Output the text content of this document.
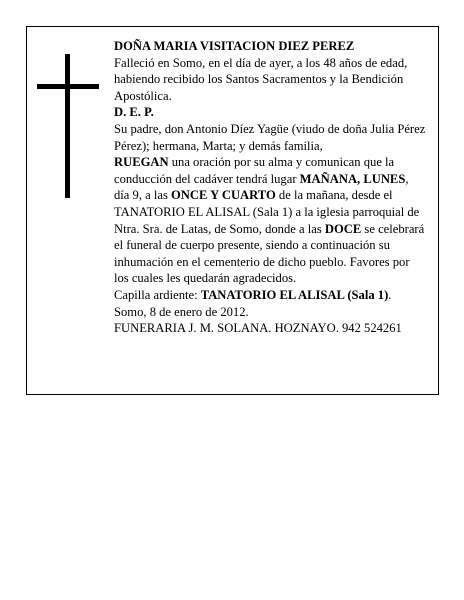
DOÑA MARIA VISITACION DIEZ PEREZ

Falleció en Somo, en el día de ayer, a los 48 años de edad, habiendo recibido los Santos Sacramentos y la Bendición Apostólica.

D. E. P.

Su padre, don Antonio Díez Yagüe (viudo de doña Julia Pérez Pérez); hermana, Marta; y demás familia,

RUEGAN una oración por su alma y comunican que la conducción del cadáver tendrá lugar MAÑANA, LUNES, día 9, a las ONCE Y CUARTO de la mañana, desde el TANATORIO EL ALISAL (Sala 1) a la iglesia parroquial de Ntra. Sra. de Latas, de Somo, donde a las DOCE se celebrará el funeral de cuerpo presente, siendo a continuación su inhumación en el cementerio de dicho pueblo. Favores por los cuales les quedarán agradecidos.

Capilla ardiente: TANATORIO EL ALISAL (Sala 1).

Somo, 8 de enero de 2012.

FUNERARIA J. M. SOLANA. HOZNAYO. 942 524261
